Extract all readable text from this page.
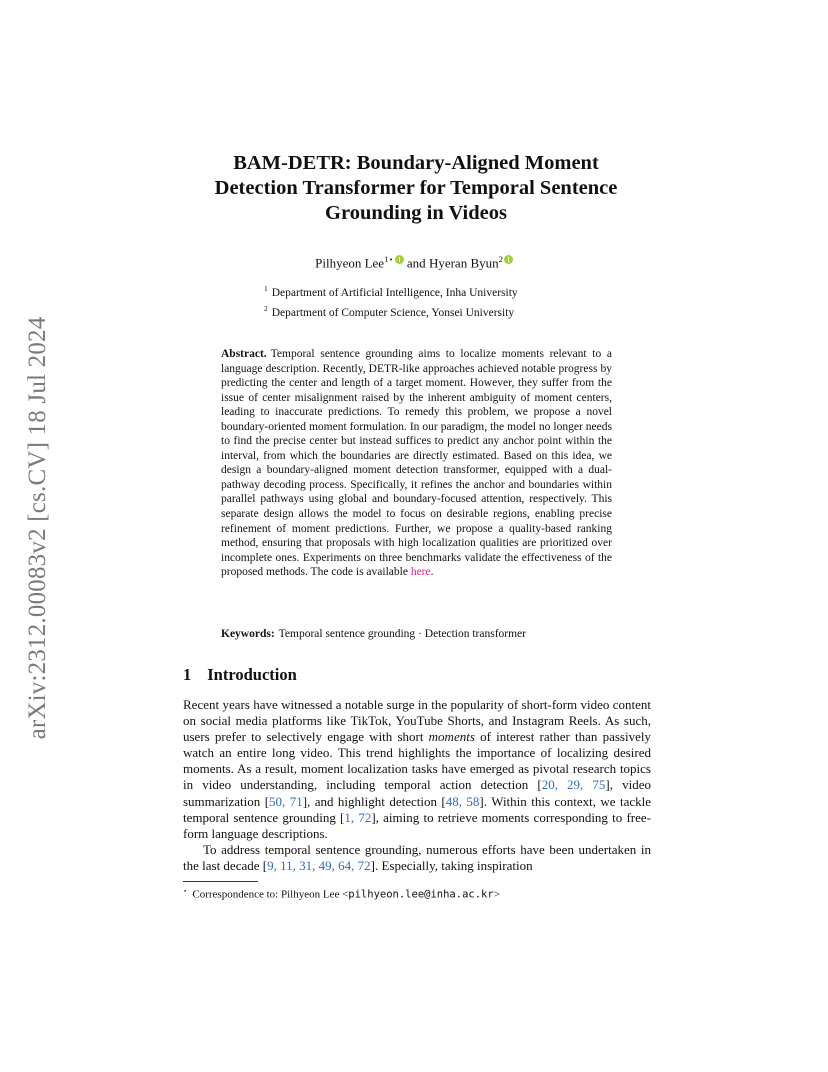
arXiv:2312.00083v2 [cs.CV] 18 Jul 2024
BAM-DETR: Boundary-Aligned Moment
Detection Transformer for Temporal Sentence
Grounding in Videos
Pilhyeon Lee$^{1⋆}$ and Hyeran Byun$^2$
$^1$ Department of Artificial Intelligence, Inha University
$^2$ Department of Computer Science, Yonsei University

Abstract. Temporal sentence grounding aims to localize moments relevant to a language description. Recently, DETR-like approaches achieved notable progress by predicting the center and length of a target moment. However, they suffer from the issue of center misalignment raised by the inherent ambiguity of moment centers, leading to inaccurate predictions. To remedy this problem, we propose a novel boundary-oriented moment formulation. In our paradigm, the model no longer needs to find the precise center but instead suffices to predict any anchor point within the interval, from which the boundaries are directly estimated. Based on this idea, we design a boundary-aligned moment detection transformer, equipped with a dual-pathway decoding process. Specifically, it refines the anchor and boundaries within parallel pathways using global and boundary-focused attention, respectively. This separate design allows the model to focus on desirable regions, enabling precise refinement of moment predictions. Further, we propose a quality-based ranking method, ensuring that proposals with high localization qualities are prioritized over incomplete ones. Experiments on three benchmarks validate the effectiveness of the proposed methods. The code is available here.

Keywords: Temporal sentence grounding · Detection transformer
1 Introduction

Recent years have witnessed a notable surge in the popularity of short-form video content on social media platforms like TikTok, YouTube Shorts, and Instagram Reels. As such, users prefer to selectively engage with short moments of interest rather than passively watch an entire long video. This trend highlights the importance of localizing desired moments. As a result, moment localization tasks have emerged as pivotal research topics in video understanding, including temporal action detection [20, 29, 75], video summarization [50, 71], and highlight detection [48, 58]. Within this context, we tackle temporal sentence grounding [1, 72], aiming to retrieve moments corresponding to free-form language descriptions.

To address temporal sentence grounding, numerous efforts have been undertaken in the last decade [9, 11, 31, 49, 64, 72]. Especially, taking inspiration

⋆ Correspondence to: Pilhyeon Lee <pilhyeon.lee@inha.ac.kr>
